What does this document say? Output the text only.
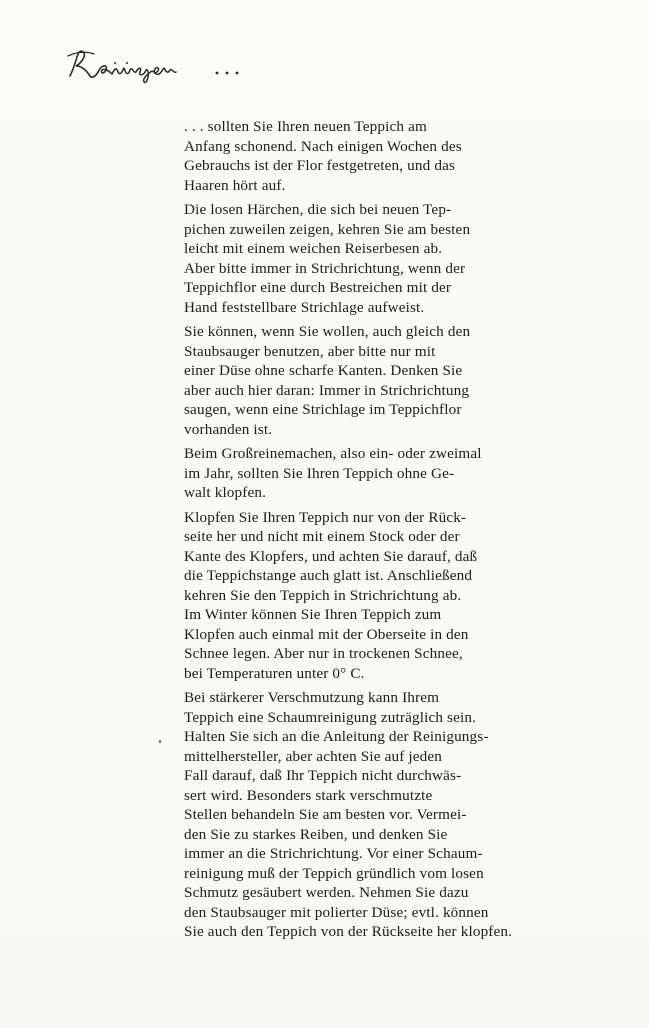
. . . sollten Sie Ihren neuen Teppich am
Anfang schonend. Nach einigen Wochen des
Gebrauchs ist der Flor festgetreten, und das
Haaren hört auf.

Die losen Härchen, die sich bei neuen Tep-
pichen zuweilen zeigen, kehren Sie am besten
leicht mit einem weichen Reiserbesen ab.
Aber bitte immer in Strichrichtung, wenn der
Teppichflor eine durch Bestreichen mit der
Hand feststellbare Strichlage aufweist.

Sie können, wenn Sie wollen, auch gleich den
Staubsauger benutzen, aber bitte nur mit
einer Düse ohne scharfe Kanten. Denken Sie
aber auch hier daran: Immer in Strichrichtung
saugen, wenn eine Strichlage im Teppichflor
vorhanden ist.

Beim Großreinemachen, also ein- oder zweimal
im Jahr, sollten Sie Ihren Teppich ohne Ge-
walt klopfen.

Klopfen Sie Ihren Teppich nur von der Rück-
seite her und nicht mit einem Stock oder der
Kante des Klopfers, und achten Sie darauf, daß
die Teppichstange auch glatt ist. Anschließend
kehren Sie den Teppich in Strichrichtung ab.
Im Winter können Sie Ihren Teppich zum
Klopfen auch einmal mit der Oberseite in den
Schnee legen. Aber nur in trockenen Schnee,
bei Temperaturen unter 0° C.

Bei stärkerer Verschmutzung kann Ihrem
Teppich eine Schaumreinigung zuträglich sein.
Halten Sie sich an die Anleitung der Reinigungs-
mittelhersteller, aber achten Sie auf jeden
Fall darauf, daß Ihr Teppich nicht durchwäs-
sert wird. Besonders stark verschmutzte
Stellen behandeln Sie am besten vor. Vermei-
den Sie zu starkes Reiben, und denken Sie
immer an die Strichrichtung. Vor einer Schaum-
reinigung muß der Teppich gründlich vom losen
Schmutz gesäubert werden. Nehmen Sie dazu
den Staubsauger mit polierter Düse; evtl. können
Sie auch den Teppich von der Rückseite her klopfen.
